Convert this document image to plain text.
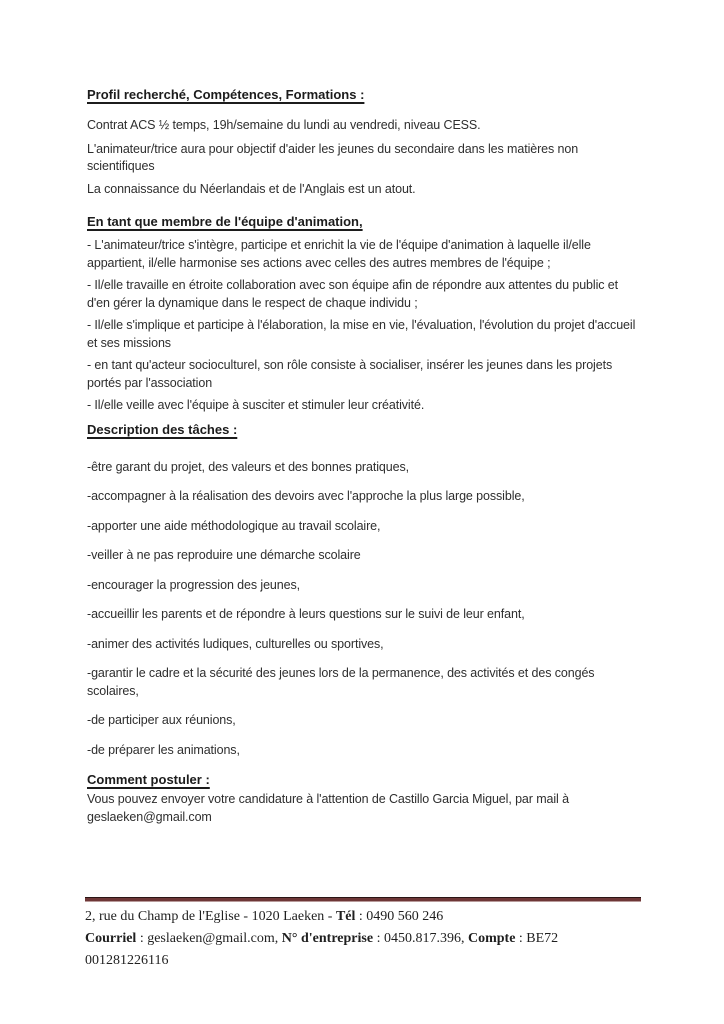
Profil recherché, Compétences, Formations :

Contrat ACS ½ temps, 19h/semaine du lundi au vendredi, niveau CESS.

L'animateur/trice aura pour objectif d'aider les jeunes du secondaire dans les matières non scientifiques

La connaissance du Néerlandais et de l'Anglais est un atout.

En tant que membre de l'équipe d'animation,

- L'animateur/trice s'intègre, participe et enrichit la vie de l'équipe d'animation à laquelle il/elle appartient, il/elle harmonise ses actions avec celles des autres membres de l'équipe ;

- Il/elle travaille en étroite collaboration avec son équipe afin de répondre aux attentes du public et d'en gérer la dynamique dans le respect de chaque individu ;

- Il/elle s'implique et participe à l'élaboration, la mise en vie, l'évaluation, l'évolution du projet d'accueil et ses missions

- en tant qu'acteur socioculturel, son rôle consiste à socialiser, insérer les jeunes dans les projets portés par l'association

- Il/elle veille avec l'équipe à susciter et stimuler leur créativité.

Description des tâches :

-être garant du projet, des valeurs et des bonnes pratiques,

-accompagner à la réalisation des devoirs avec l'approche la plus large possible,

-apporter une aide méthodologique au travail scolaire,

-veiller à ne pas reproduire une démarche scolaire

-encourager la progression des jeunes,

-accueillir les parents et de répondre à leurs questions sur le suivi de leur enfant,

-animer des activités ludiques, culturelles ou sportives,

-garantir le cadre et la sécurité des jeunes lors de la permanence, des activités et des congés scolaires,

-de participer aux réunions,

-de préparer les animations,

Comment postuler :

Vous pouvez envoyer votre candidature à l'attention de Castillo Garcia Miguel, par mail à geslaeken@gmail.com

2, rue du Champ de l'Eglise - 1020 Laeken - Tél : 0490 560 246

Courriel : geslaeken@gmail.com, N° d'entreprise : 0450.817.396, Compte : BE72

001281226116
